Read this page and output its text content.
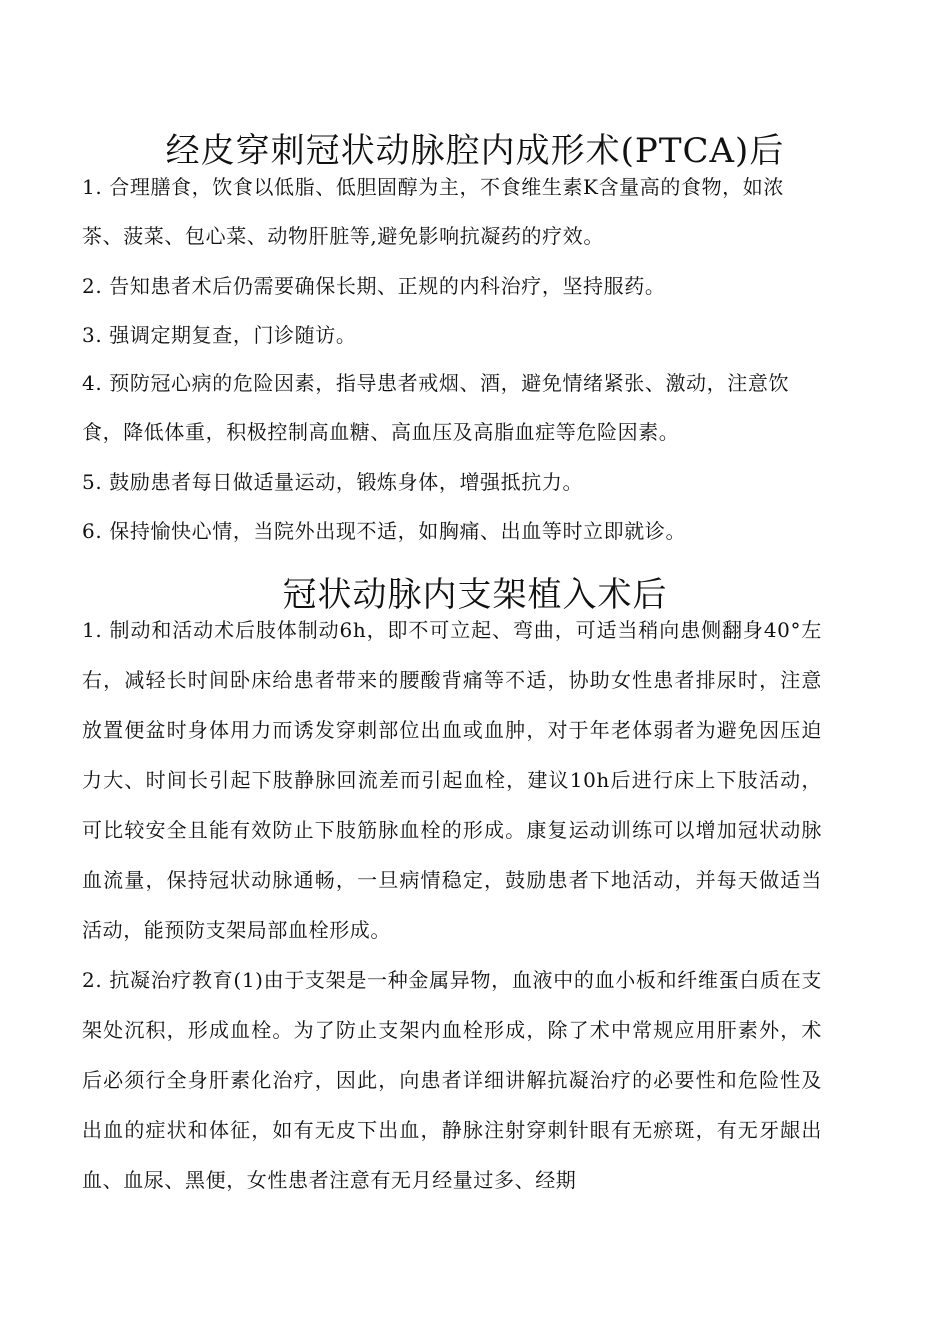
经皮穿刺冠状动脉腔内成形术(PTCA)后

1. 合理膳食，饮食以低脂、低胆固醇为主，不食维生素K含量高的食物，如浓茶、菠菜、包心菜、动物肝脏等,避免影响抗凝药的疗效。

2. 告知患者术后仍需要确保长期、正规的内科治疗，坚持服药。

3. 强调定期复查，门诊随访。

4. 预防冠心病的危险因素，指导患者戒烟、酒，避免情绪紧张、激动，注意饮食，降低体重，积极控制高血糖、高血压及高脂血症等危险因素。

5. 鼓励患者每日做适量运动，锻炼身体，增强抵抗力。

6. 保持愉快心情，当院外出现不适，如胸痛、出血等时立即就诊。

冠状动脉内支架植入术后

1. 制动和活动术后肢体制动6h，即不可立起、弯曲，可适当稍向患侧翻身40°左右，减轻长时间卧床给患者带来的腰酸背痛等不适，协助女性患者排尿时，注意放置便盆时身体用力而诱发穿刺部位出血或血肿，对于年老体弱者为避免因压迫力大、时间长引起下肢静脉回流差而引起血栓，建议10h后进行床上下肢活动，可比较安全且能有效防止下肢筋脉血栓的形成。康复运动训练可以增加冠状动脉血流量，保持冠状动脉通畅，一旦病情稳定，鼓励患者下地活动，并每天做适当活动，能预防支架局部血栓形成。

2. 抗凝治疗教育(1)由于支架是一种金属异物，血液中的血小板和纤维蛋白质在支架处沉积，形成血栓。为了防止支架内血栓形成，除了术中常规应用肝素外，术后必须行全身肝素化治疗，因此，向患者详细讲解抗凝治疗的必要性和危险性及出血的症状和体征，如有无皮下出血，静脉注射穿刺针眼有无瘀斑，有无牙龈出血、血尿、黑便，女性患者注意有无月经量过多、经期
